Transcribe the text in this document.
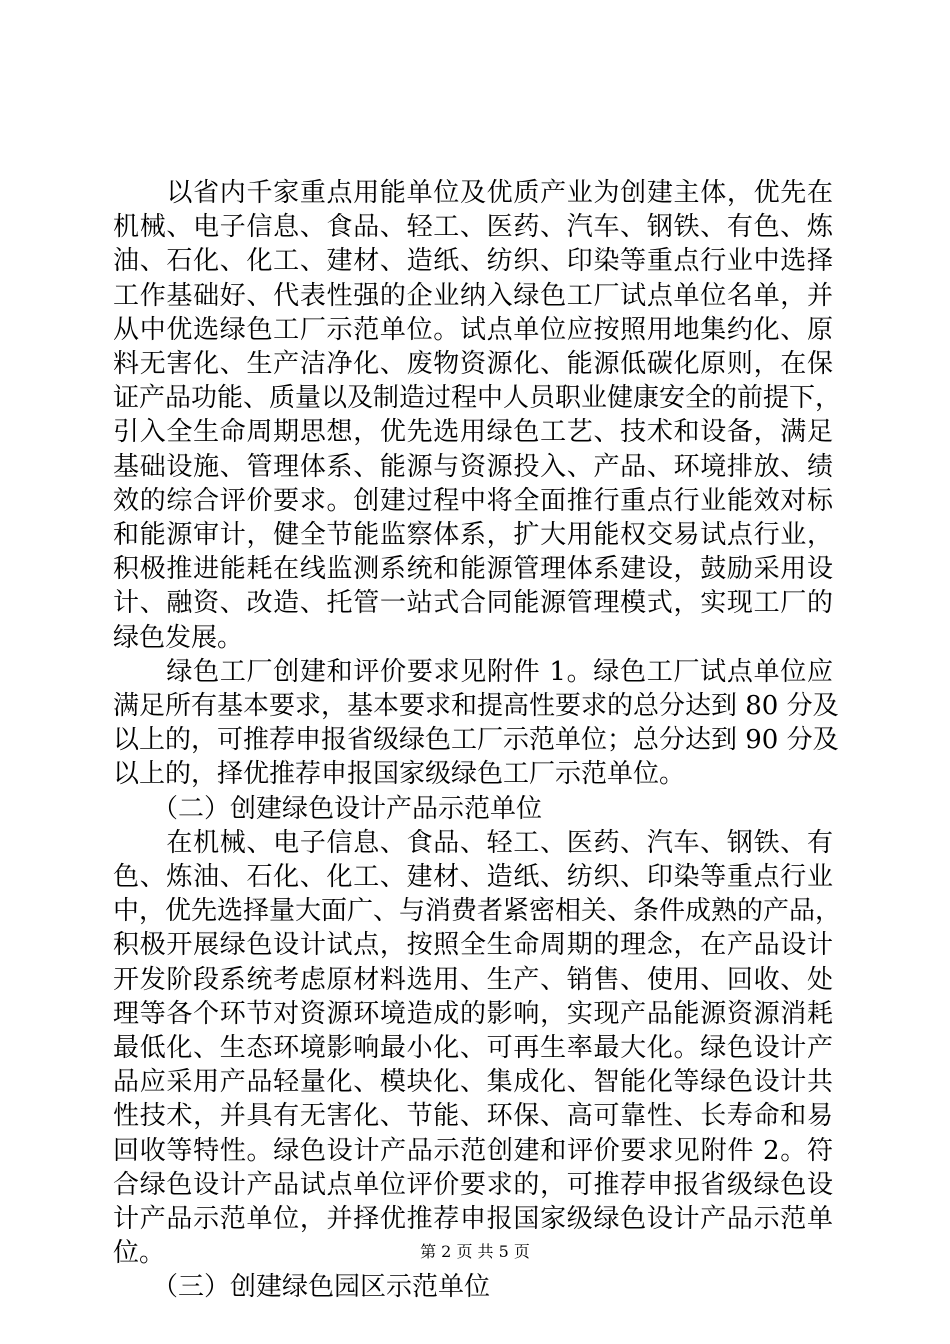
　　以省内千家重点用能单位及优质产业为创建主体，优先在
机械、电子信息、食品、轻工、医药、汽车、钢铁、有色、炼
油、石化、化工、建材、造纸、纺织、印染等重点行业中选择
工作基础好、代表性强的企业纳入绿色工厂试点单位名单，并
从中优选绿色工厂示范单位。试点单位应按照用地集约化、原
料无害化、生产洁净化、废物资源化、能源低碳化原则，在保
证产品功能、质量以及制造过程中人员职业健康安全的前提下，
引入全生命周期思想，优先选用绿色工艺、技术和设备，满足
基础设施、管理体系、能源与资源投入、产品、环境排放、绩
效的综合评价要求。创建过程中将全面推行重点行业能效对标
和能源审计，健全节能监察体系，扩大用能权交易试点行业，
积极推进能耗在线监测系统和能源管理体系建设，鼓励采用设
计、融资、改造、托管一站式合同能源管理模式，实现工厂的
绿色发展。
　　绿色工厂创建和评价要求见附件 1。绿色工厂试点单位应
满足所有基本要求，基本要求和提高性要求的总分达到 80 分及
以上的，可推荐申报省级绿色工厂示范单位；总分达到 90 分及
以上的，择优推荐申报国家级绿色工厂示范单位。
　　（二）创建绿色设计产品示范单位
　　在机械、电子信息、食品、轻工、医药、汽车、钢铁、有
色、炼油、石化、化工、建材、造纸、纺织、印染等重点行业
中，优先选择量大面广、与消费者紧密相关、条件成熟的产品，
积极开展绿色设计试点，按照全生命周期的理念，在产品设计
开发阶段系统考虑原材料选用、生产、销售、使用、回收、处
理等各个环节对资源环境造成的影响，实现产品能源资源消耗
最低化、生态环境影响最小化、可再生率最大化。绿色设计产
品应采用产品轻量化、模块化、集成化、智能化等绿色设计共
性技术，并具有无害化、节能、环保、高可靠性、长寿命和易
回收等特性。绿色设计产品示范创建和评价要求见附件 2。符
合绿色设计产品试点单位评价要求的，可推荐申报省级绿色设
计产品示范单位，并择优推荐申报国家级绿色设计产品示范单
位。
　　（三）创建绿色园区示范单位
第 2 页 共 5 页
